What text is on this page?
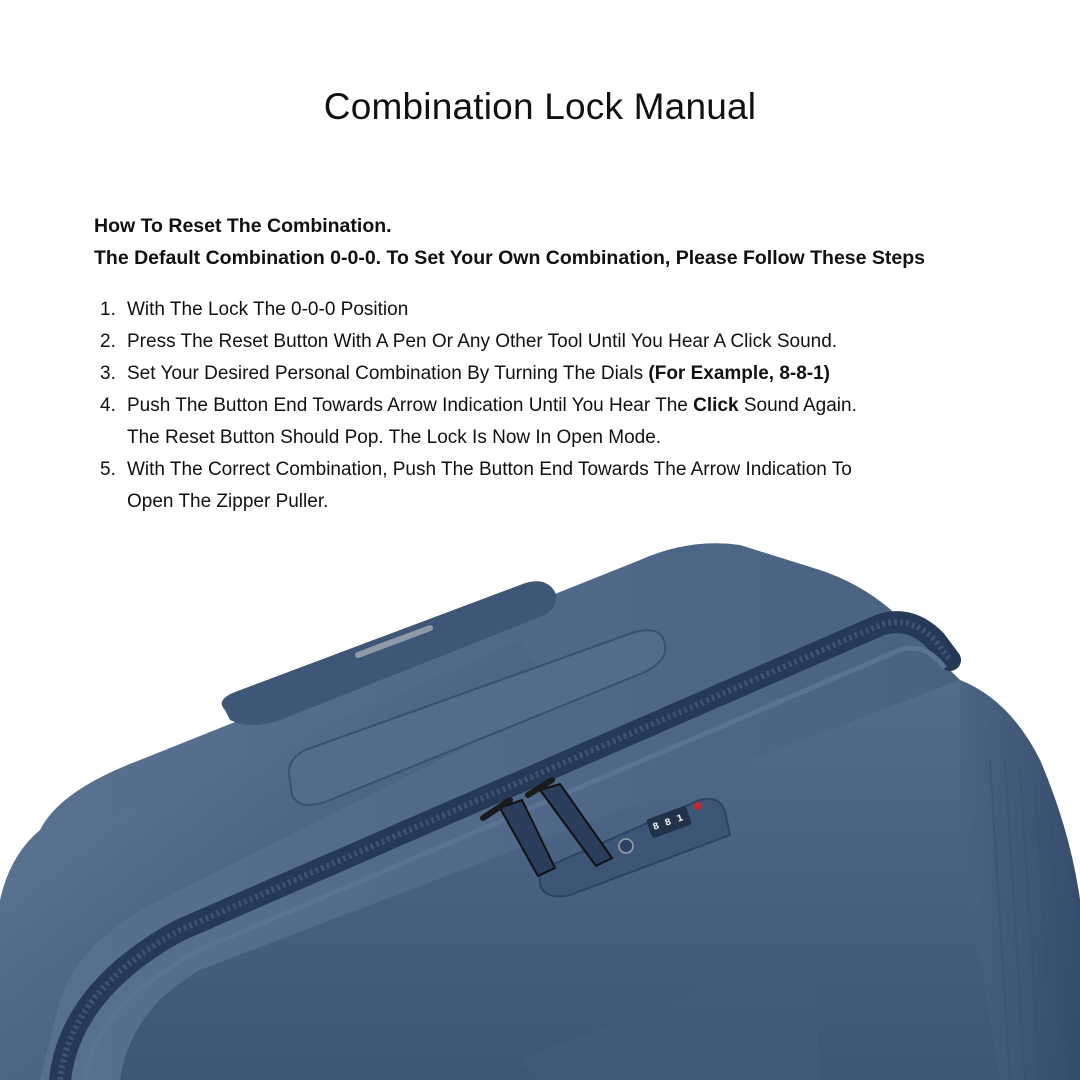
Combination Lock Manual
How To Reset The Combination.
The Default Combination 0-0-0. To Set Your Own Combination, Please Follow These Steps
1. With The Lock The 0-0-0 Position
2. Press The Reset Button With A Pen Or Any Other Tool Until You Hear A Click Sound.
3. Set Your Desired Personal Combination By Turning The Dials (For Example, 8-8-1)
4. Push The Button End Towards Arrow Indication Until You Hear The Click Sound Again.
The Reset Button Should Pop. The Lock Is Now In Open Mode.
5. With The Correct Combination, Push The Button End Towards The Arrow Indication To
Open The Zipper Puller.
8 8 1
